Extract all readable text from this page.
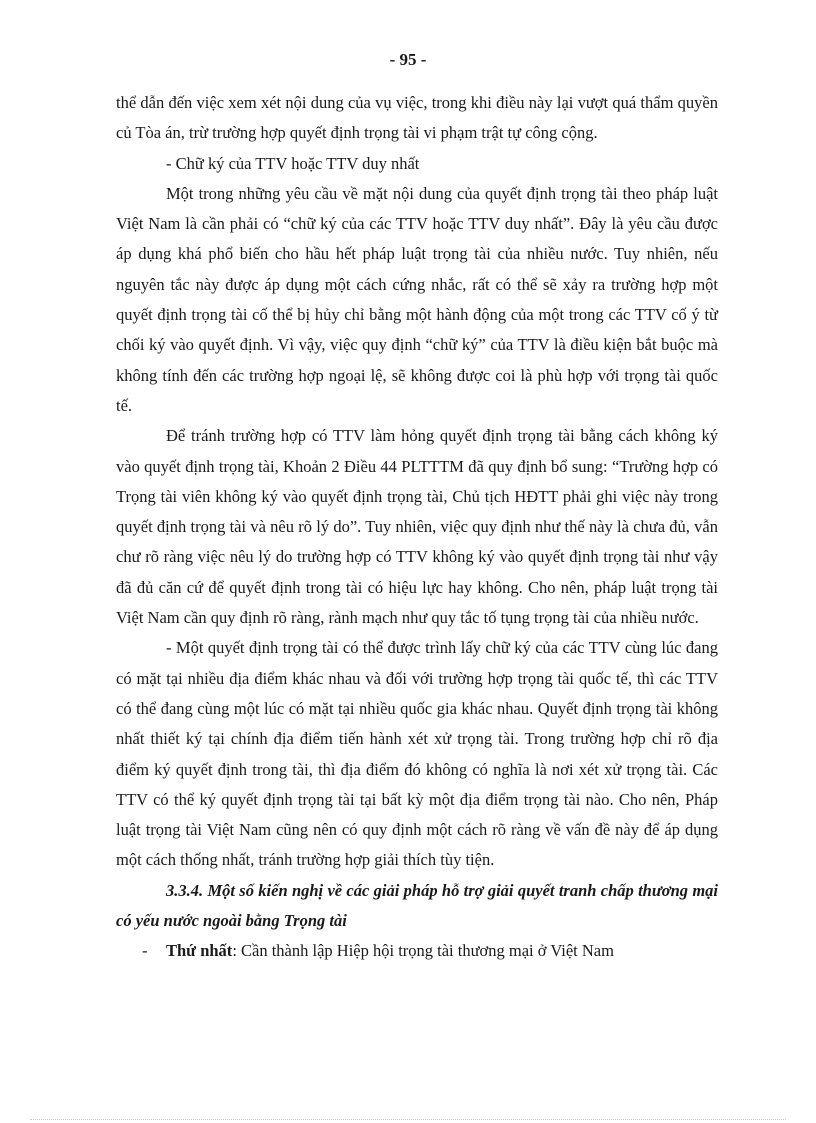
- 95 -

thể dẫn đến việc xem xét nội dung của vụ việc, trong khi điều này lại vượt quá thẩm quyền củ Tòa án, trừ trường hợp quyết định trọng tài vi phạm trật tự công cộng.

- Chữ ký của TTV hoặc TTV duy nhất

Một trong những yêu cầu về mặt nội dung của quyết định trọng tài theo pháp luật Việt Nam là cần phải có “chữ ký của các TTV hoặc TTV duy nhất”. Đây là yêu cầu được áp dụng khá phổ biến cho hầu hết pháp luật trọng tài của nhiều nước. Tuy nhiên, nếu nguyên tắc này được áp dụng một cách cứng nhắc, rất có thể sẽ xảy ra trường hợp một quyết định trọng tài cố thể bị hủy chỉ bằng một hành động của một trong các TTV cố ý từ chối ký vào quyết định. Vì vậy, việc quy định “chữ ký” của TTV là điều kiện bắt buộc mà không tính đến các trường hợp ngoại lệ, sẽ không được coi là phù hợp với trọng tài quốc tế.

Để tránh trường hợp có TTV làm hỏng quyết định trọng tài bằng cách không ký vào quyết định trọng tài, Khoản 2 Điều 44 PLTTTM đã quy định bổ sung: “Trường hợp có Trọng tài viên không ký vào quyết định trọng tài, Chủ tịch HĐTT phải ghi việc này trong quyết định trọng tài và nêu rõ lý do”. Tuy nhiên, việc quy định như thế này là chưa đủ, vẫn chư rõ ràng việc nêu lý do trường hợp có TTV không ký vào quyết định trọng tài như vậy đã đủ căn cứ để quyết định trong tài có hiệu lực hay không. Cho nên, pháp luật trọng tài Việt Nam cần quy định rõ ràng, rành mạch như quy tắc tố tụng trọng tài của nhiều nước.

- Một quyết định trọng tài có thể được trình lấy chữ ký của các TTV cùng lúc đang có mặt tại nhiều địa điểm khác nhau và đối với trường hợp trọng tài quốc tế, thì các TTV có thể đang cùng một lúc có mặt tại nhiều quốc gia khác nhau. Quyết định trọng tài không nhất thiết ký tại chính địa điểm tiến hành xét xử trọng tài. Trong trường hợp chỉ rõ địa điểm ký quyết định trong tài, thì địa điểm đó không có nghĩa là nơi xét xử trọng tài. Các TTV có thể ký quyết định trọng tài tại bất kỳ một địa điểm trọng tài nào. Cho nên, Pháp luật trọng tài Việt Nam cũng nên có quy định một cách rõ ràng về vấn đề này để áp dụng một cách thống nhất, tránh trường hợp giải thích tùy tiện.

3.3.4. Một số kiến nghị về các giải pháp hỗ trợ giải quyết tranh chấp thương mại có yếu nước ngoài bằng Trọng tài

- Thứ nhất: Cần thành lập Hiệp hội trọng tài thương mại ở Việt Nam
